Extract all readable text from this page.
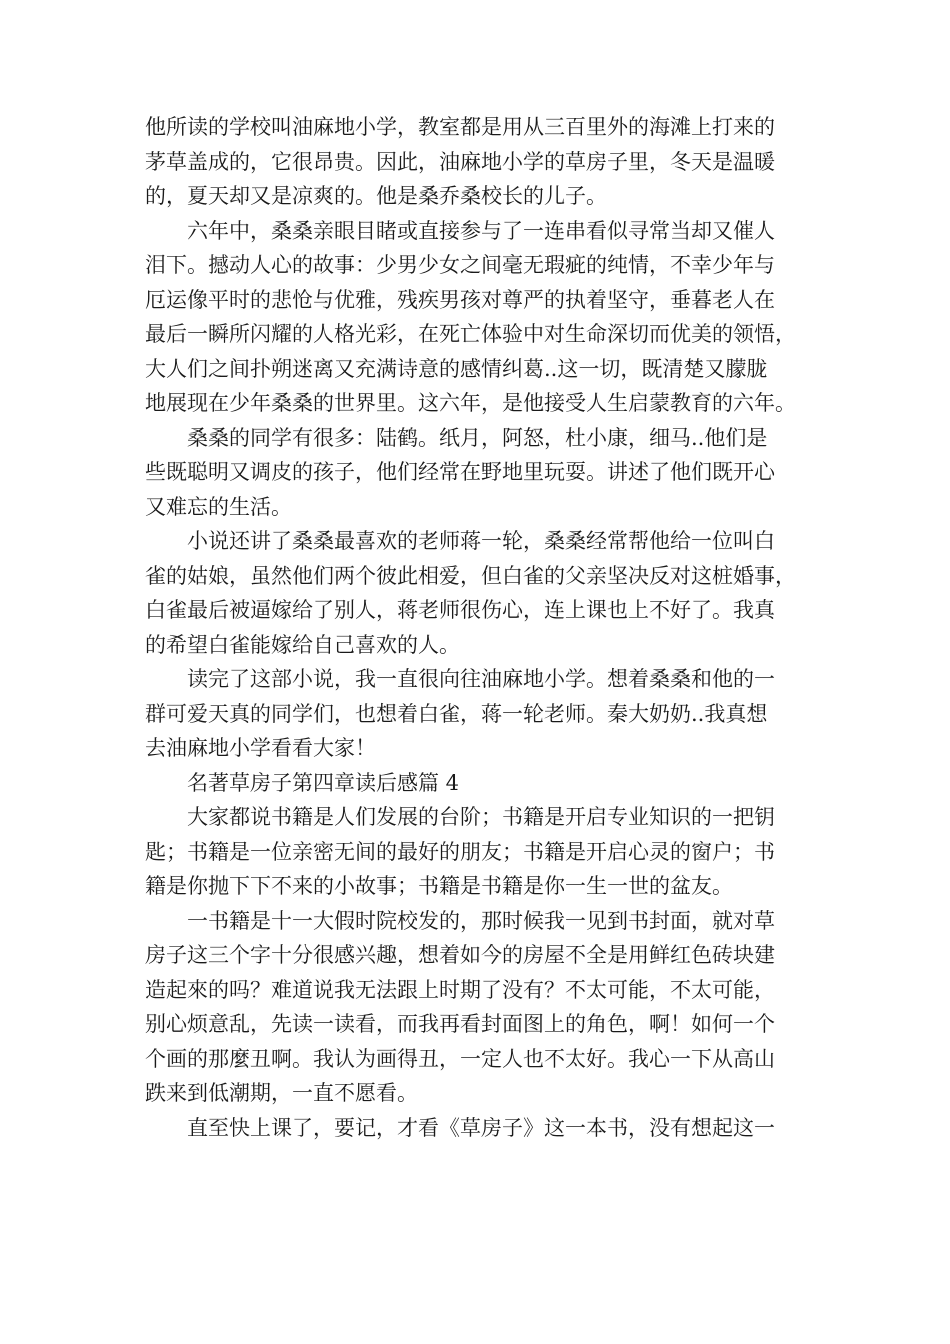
他所读的学校叫油麻地小学，教室都是用从三百里外的海滩上打来的
茅草盖成的，它很昂贵。因此，油麻地小学的草房子里，冬天是温暖
的，夏天却又是凉爽的。他是桑乔桑校长的儿子。
六年中，桑桑亲眼目睹或直接参与了一连串看似寻常当却又催人
泪下。撼动人心的故事：少男少女之间毫无瑕疵的纯情，不幸少年与
厄运像平时的悲怆与优雅，残疾男孩对尊严的执着坚守，垂暮老人在
最后一瞬所闪耀的人格光彩，在死亡体验中对生命深切而优美的领悟，
大人们之间扑朔迷离又充满诗意的感情纠葛..这一切，既清楚又朦胧
地展现在少年桑桑的世界里。这六年，是他接受人生启蒙教育的六年。
桑桑的同学有很多：陆鹤。纸月，阿怒，杜小康，细马..他们是
些既聪明又调皮的孩子，他们经常在野地里玩耍。讲述了他们既开心
又难忘的生活。
小说还讲了桑桑最喜欢的老师蒋一轮，桑桑经常帮他给一位叫白
雀的姑娘，虽然他们两个彼此相爱，但白雀的父亲坚决反对这桩婚事，
白雀最后被逼嫁给了别人，蒋老师很伤心，连上课也上不好了。我真
的希望白雀能嫁给自己喜欢的人。
读完了这部小说，我一直很向往油麻地小学。想着桑桑和他的一
群可爱天真的同学们，也想着白雀，蒋一轮老师。秦大奶奶..我真想
去油麻地小学看看大家！
名著草房子第四章读后感篇 4
大家都说书籍是人们发展的台阶；书籍是开启专业知识的一把钥
匙；书籍是一位亲密无间的最好的朋友；书籍是开启心灵的窗户；书
籍是你抛下下不来的小故事；书籍是书籍是你一生一世的盆友。
一书籍是十一大假时院校发的，那时候我一见到书封面，就对草
房子这三个字十分很感兴趣，想着如今的房屋不全是用鲜红色砖块建
造起來的吗？难道说我无法跟上时期了没有？不太可能，不太可能，
别心烦意乱，先读一读看，而我再看封面图上的角色，啊！如何一个
个画的那麼丑啊。我认为画得丑，一定人也不太好。我心一下从高山
跌来到低潮期，一直不愿看。
直至快上课了，要记，才看《草房子》这一本书，没有想起这一
